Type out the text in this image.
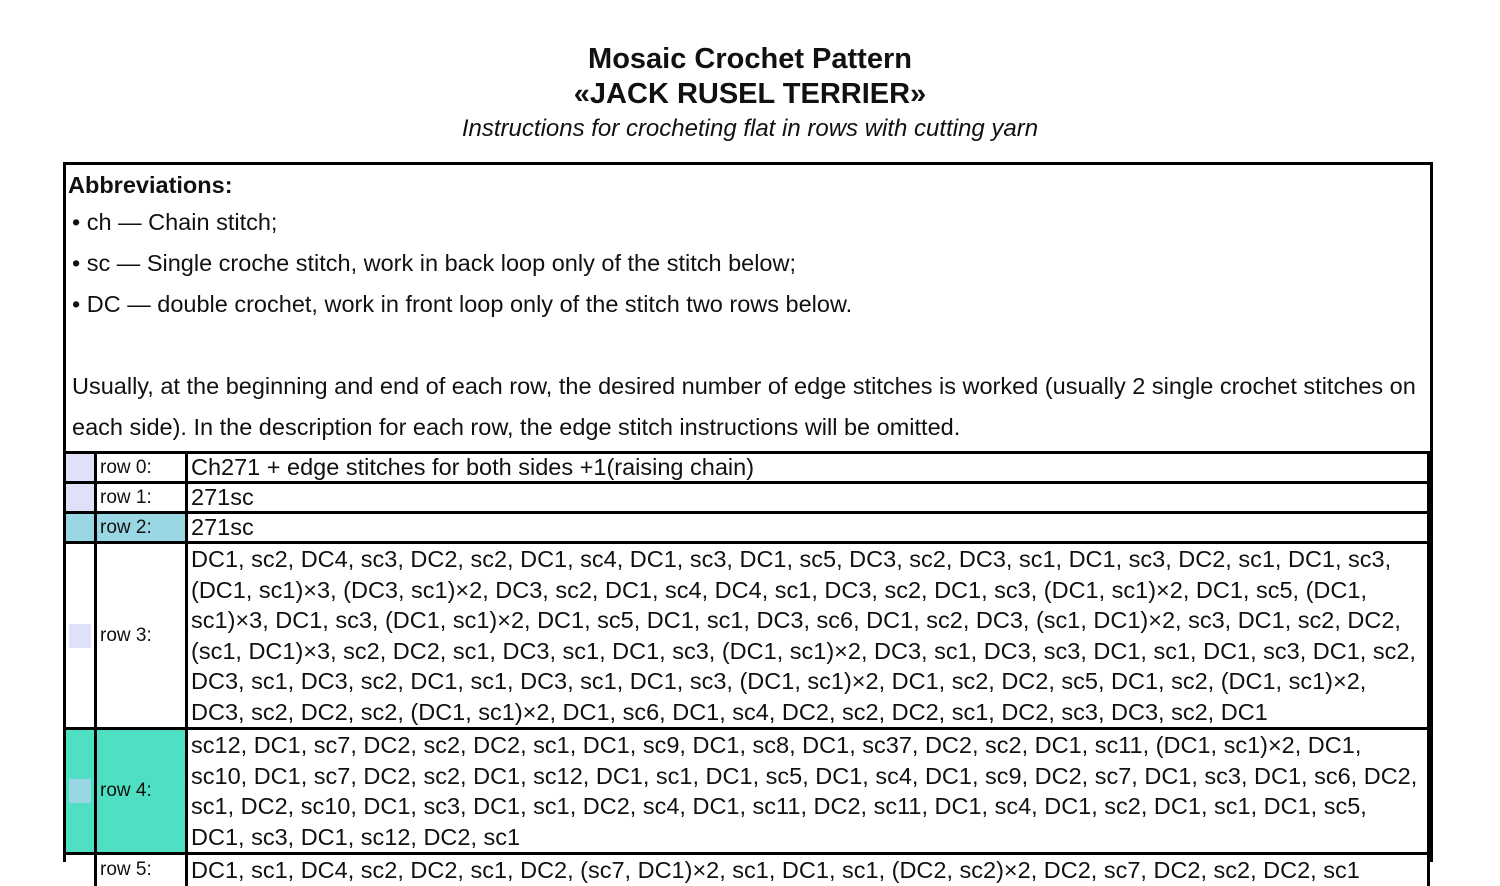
Mosaic Crochet Pattern
«JACK RUSEL TERRIER»
Instructions for crocheting flat in rows with cutting yarn
Abbreviations:
• ch — Chain stitch;
• sc — Single croche stitch, work in back loop only of the stitch below;
• DC — double crochet, work in front loop only of the stitch two rows below.
Usually, at the beginning and end of each row, the desired number of edge stitches is worked (usually 2 single crochet stitches on each side). In the description for each row, the edge stitch instructions will be omitted.
row 0:	Ch271 + edge stitches for both sides +1(raising chain)
row 1:	271sc
row 2:	271sc
row 3:
DC1, sc2, DC4, sc3, DC2, sc2, DC1, sc4, DC1, sc3, DC1, sc5, DC3, sc2, DC3, sc1, DC1, sc3, DC2, sc1, DC1, sc3, (DC1, sc1)×3, (DC3, sc1)×2, DC3, sc2, DC1, sc4, DC4, sc1, DC3, sc2, DC1, sc3, (DC1, sc1)×2, DC1, sc5, (DC1, sc1)×3, DC1, sc3, (DC1, sc1)×2, DC1, sc5, DC1, sc1, DC3, sc6, DC1, sc2, DC3, (sc1, DC1)×2, sc3, DC1, sc2, DC2, (sc1, DC1)×3, sc2, DC2, sc1, DC3, sc1, DC1, sc3, (DC1, sc1)×2, DC3, sc1, DC3, sc3, DC1, sc1, DC1, sc3, DC1, sc2, DC3, sc1, DC3, sc2, DC1, sc1, DC3, sc1, DC1, sc3, (DC1, sc1)×2, DC1, sc2, DC2, sc5, DC1, sc2, (DC1, sc1)×2, DC3, sc2, DC2, sc2, (DC1, sc1)×2, DC1, sc6, DC1, sc4, DC2, sc2, DC2, sc1, DC2, sc3, DC3, sc2, DC1
row 4:
sc12, DC1, sc7, DC2, sc2, DC2, sc1, DC1, sc9, DC1, sc8, DC1, sc37, DC2, sc2, DC1, sc11, (DC1, sc1)×2, DC1, sc10, DC1, sc7, DC2, sc2, DC1, sc12, DC1, sc1, DC1, sc5, DC1, sc4, DC1, sc9, DC2, sc7, DC1, sc3, DC1, sc6, DC2, sc1, DC2, sc10, DC1, sc3, DC1, sc1, DC2, sc4, DC1, sc11, DC2, sc11, DC1, sc4, DC1, sc2, DC1, sc1, DC1, sc5, DC1, sc3, DC1, sc12, DC2, sc1
row 5:	DC1, sc1, DC4, sc2, DC2, sc1, DC2, (sc7, DC1)×2, sc1, DC1, sc1, (DC2, sc2)×2, DC2, sc7, DC2, sc2, DC2, sc1
